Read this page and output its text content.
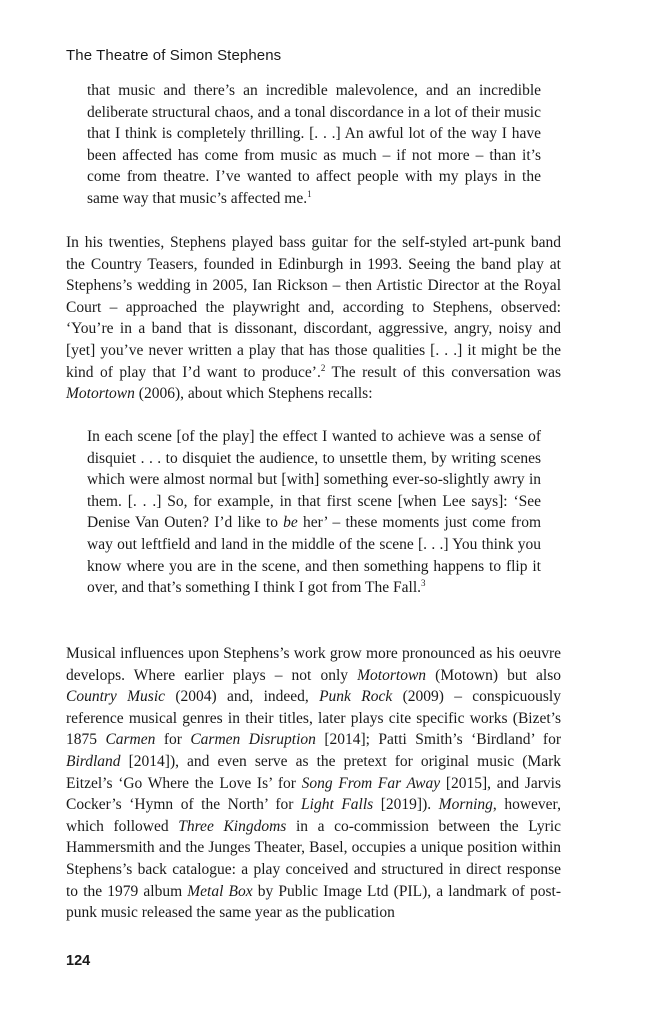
The Theatre of Simon Stephens

that music and there’s an incredible malevolence, and an incredible deliberate structural chaos, and a tonal discordance in a lot of their music that I think is completely thrilling. [. . .] An awful lot of the way I have been affected has come from music as much – if not more – than it’s come from theatre. I’ve wanted to affect people with my plays in the same way that music’s affected me.$^1$

In his twenties, Stephens played bass guitar for the self-styled art-punk band the Country Teasers, founded in Edinburgh in 1993. Seeing the band play at Stephens’s wedding in 2005, Ian Rickson – then Artistic Director at the Royal Court – approached the playwright and, according to Stephens, observed: ‘You’re in a band that is dissonant, discordant, aggressive, angry, noisy and [yet] you’ve never written a play that has those qualities [. . .] it might be the kind of play that I’d want to produce’.$^2$ The result of this conversation was Motortown (2006), about which Stephens recalls:

In each scene [of the play] the effect I wanted to achieve was a sense of disquiet . . . to disquiet the audience, to unsettle them, by writing scenes which were almost normal but [with] something ever-so-slightly awry in them. [. . .] So, for example, in that first scene [when Lee says]: ‘See Denise Van Outen? I’d like to be her’ – these moments just come from way out leftfield and land in the middle of the scene [. . .] You think you know where you are in the scene, and then something happens to flip it over, and that’s something I think I got from The Fall.$^3$

Musical influences upon Stephens’s work grow more pronounced as his oeuvre develops. Where earlier plays – not only Motortown (Motown) but also Country Music (2004) and, indeed, Punk Rock (2009) – conspicuously reference musical genres in their titles, later plays cite specific works (Bizet’s 1875 Carmen for Carmen Disruption [2014]; Patti Smith’s ‘Birdland’ for Birdland [2014]), and even serve as the pretext for original music (Mark Eitzel’s ‘Go Where the Love Is’ for Song From Far Away [2015], and Jarvis Cocker’s ‘Hymn of the North’ for Light Falls [2019]). Morning, however, which followed Three Kingdoms in a co-commission between the Lyric Hammersmith and the Junges Theater, Basel, occupies a unique position within Stephens’s back catalogue: a play conceived and structured in direct response to the 1979 album Metal Box by Public Image Ltd (PIL), a landmark of post-punk music released the same year as the publication

124
